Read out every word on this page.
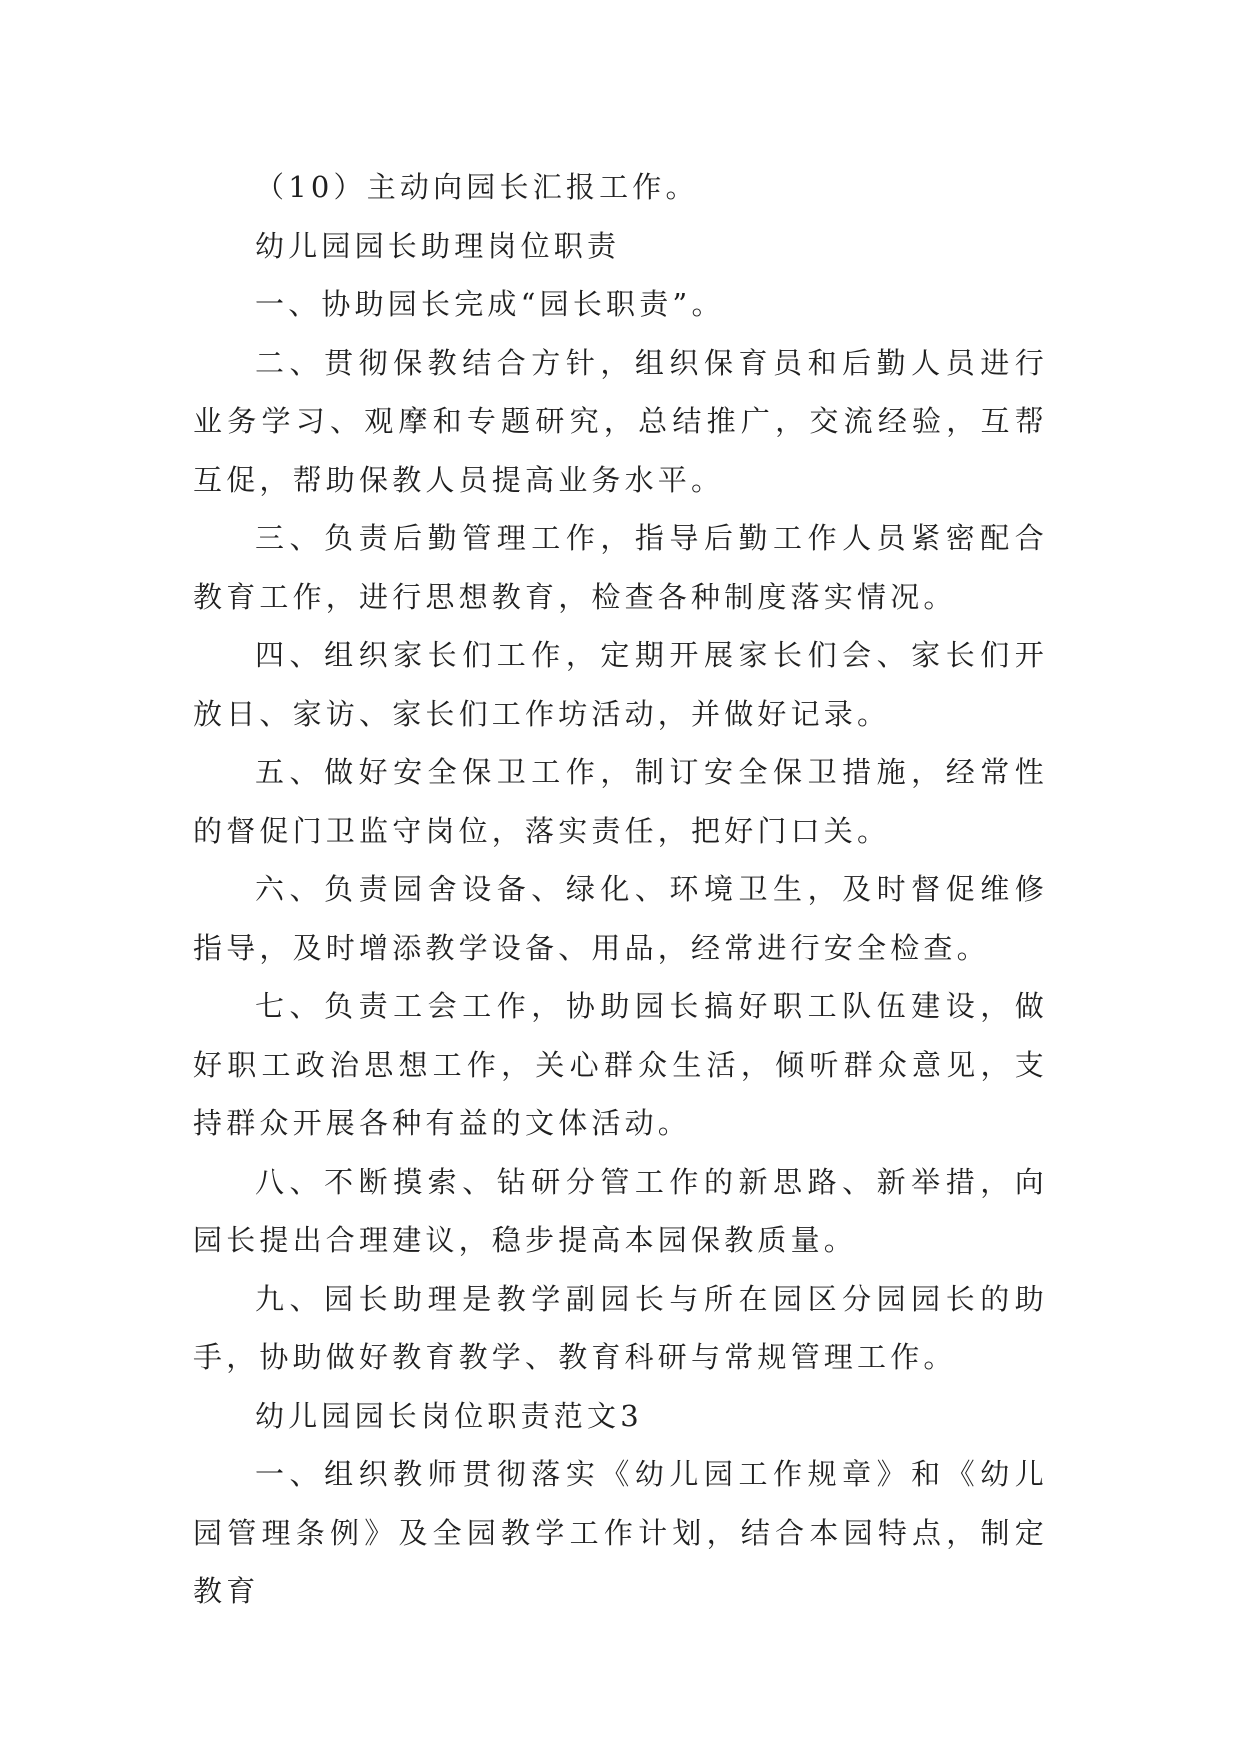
（10）主动向园长汇报工作。

幼儿园园长助理岗位职责

一、协助园长完成“园长职责”。

二、贯彻保教结合方针，组织保育员和后勤人员进行业务学习、观摩和专题研究，总结推广，交流经验，互帮互促，帮助保教人员提高业务水平。

三、负责后勤管理工作，指导后勤工作人员紧密配合教育工作，进行思想教育，检查各种制度落实情况。

四、组织家长们工作，定期开展家长们会、家长们开放日、家访、家长们工作坊活动，并做好记录。

五、做好安全保卫工作，制订安全保卫措施，经常性的督促门卫监守岗位，落实责任，把好门口关。

六、负责园舍设备、绿化、环境卫生，及时督促维修指导，及时增添教学设备、用品，经常进行安全检查。

七、负责工会工作，协助园长搞好职工队伍建设，做好职工政治思想工作，关心群众生活，倾听群众意见，支持群众开展各种有益的文体活动。

八、不断摸索、钻研分管工作的新思路、新举措，向园长提出合理建议，稳步提高本园保教质量。

九、园长助理是教学副园长与所在园区分园园长的助手，协助做好教育教学、教育科研与常规管理工作。

幼儿园园长岗位职责范文3

一、组织教师贯彻落实《幼儿园工作规章》和《幼儿园管理条例》及全园教学工作计划，结合本园特点，制定教育
